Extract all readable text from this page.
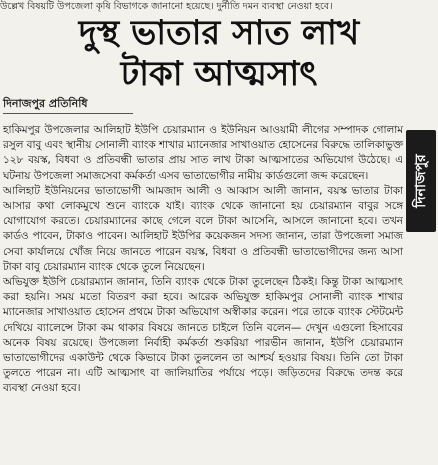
উল্লেখ বিষয়টি উপজেলা কৃষি বিভাগকে জানানো হয়েছে। দুর্নীতি দমন ব্যবস্থা নেওয়া হবে।
দুস্থ ভাতার সাত লাখ
টাকা আত্মসাৎ
দিনাজপুর প্রতিনিধি
দিনাজপুর

হাকিমপুর উপজেলার আলিহাট ইউপি চেয়ারম্যান ও ইউনিয়ন আওয়ামী লীগের সম্পাদক গোলাম রসুল বাবু এবং স্থানীয় সোনালী ব্যাংক শাখার ম্যানেজার সাখাওয়াত হোসেনের বিরুদ্ধে তালিকাভুক্ত ১২৮ বয়স্ক, বিধবা ও প্রতিবন্ধী ভাতার প্রায় সাত লাখ টাকা আত্মসাতের অভিযোগ উঠেছে। এ ঘটনায় উপজেলা সমাজসেবা কর্মকর্তা এসব ভাতাভোগীর নামীয় কার্ডগুলো জব্দ করেছেন।

আলিহাট ইউনিয়নের ভাতাভোগী আমজাদ আলী ও আব্বাস আলী জানান, বয়স্ক ভাতার টাকা আসার কথা লোকমুখে শুনে ব্যাংকে যাই। ব্যাংক থেকে জানানো হয় চেয়ারম্যান বাবুর সঙ্গে যোগাযোগ করতে। চেয়ারম্যানের কাছে গেলে বলে টাকা আসেনি, আসলে জানানো হবে। তখন কার্ডও পাবেন, টাকাও পাবেন। আলিহাট ইউপির কয়েকজন সদস্য জানান, তারা উপজেলা সমাজ সেবা কার্যালয়ে খোঁজ নিয়ে জানতে পারেন বয়স্ক, বিধবা ও প্রতিবন্ধী ভাতাভোগীদের জন্য আসা টাকা বাবু চেয়ারম্যান ব্যাংক থেকে তুলে নিয়েছেন।

অভিযুক্ত ইউপি চেয়ারম্যান জানান, তিনি ব্যাংক থেকে টাকা তুলেছেন ঠিকই। কিন্তু টাকা আত্মসাৎ করা হয়নি। সময় মতো বিতরণ করা হবে। আরেক অভিযুক্ত হাকিমপুর সোনালী ব্যাংক শাখার ম্যানেজার সাখাওয়াত হোসেন প্রথমে টাকা অভিযোগ অস্বীকার করেন। পরে তাকে ব্যাংক স্টেটমেন্ট দেখিয়ে ব্যালেন্সে টাকা কম থাকার বিষয়ে জানতে চাইলে তিনি বলেন— দেখুন এগুলো হিসাবের অনেক বিষয় রয়েছে। উপজেলা নির্বাহী কর্মকর্তা শুকরিয়া পারভীন জানান, ইউপি চেয়ারম্যান ভাতাভোগীদের একাউন্ট থেকে কিভাবে টাকা তুললেন তা আশ্চর্য হওয়ার বিষয়। তিনি তো টাকা তুলতে পারেন না। এটি আত্মসাৎ বা জালিয়াতির পর্যায়ে পড়ে। জড়িতদের বিরুদ্ধে তদন্ত করে ব্যবস্থা নেওয়া হবে।
